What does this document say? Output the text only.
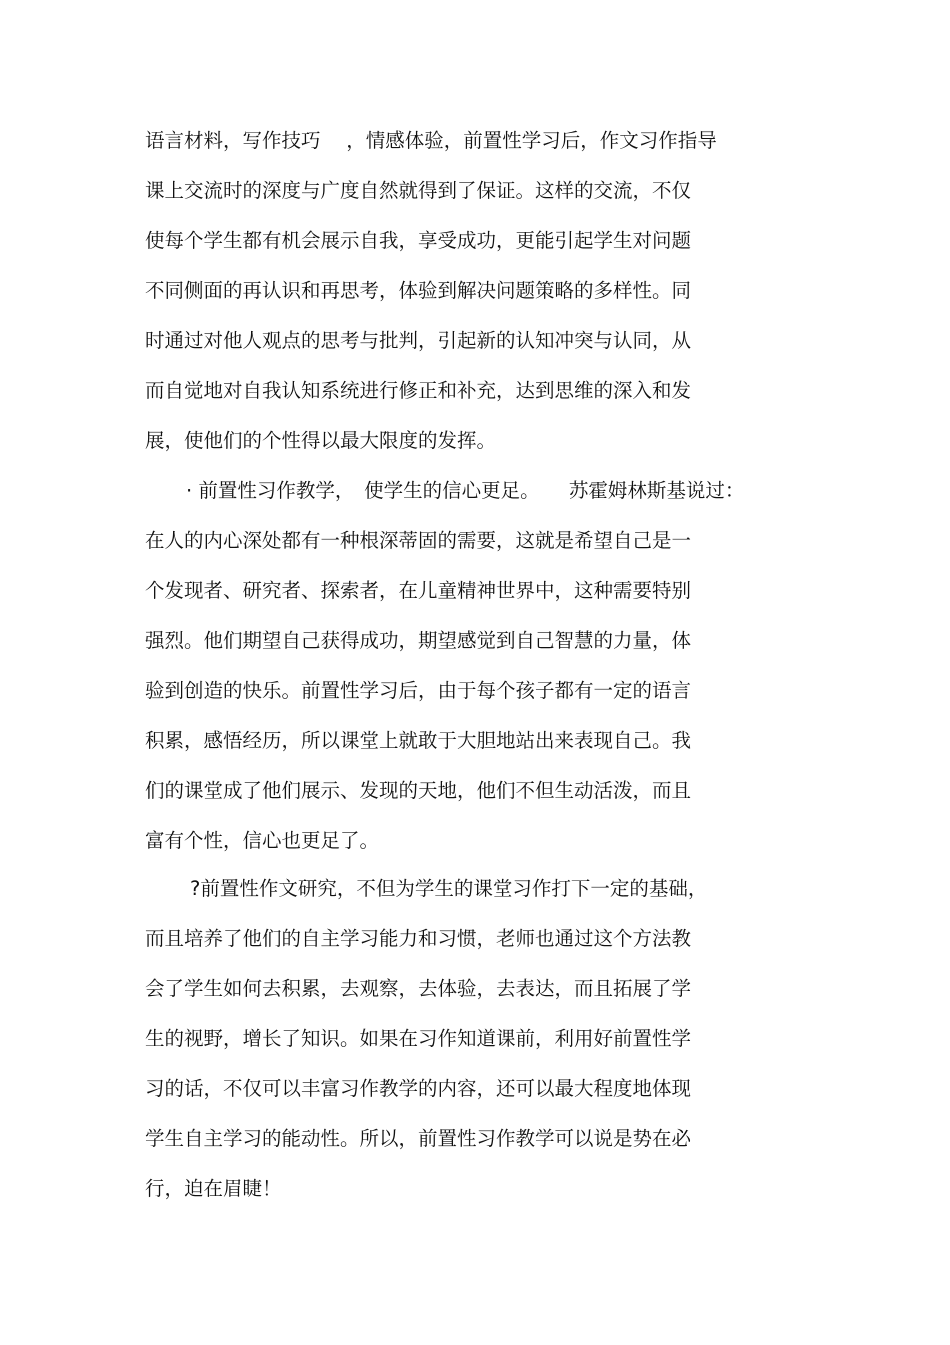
语言材料，写作技巧　 ，情感体验，前置性学习后，作文习作指导
课上交流时的深度与广度自然就得到了保证。这样的交流，不仅
使每个学生都有机会展示自我，享受成功，更能引起学生对问题
不同侧面的再认识和再思考，体验到解决问题策略的多样性。同
时通过对他人观点的思考与批判，引起新的认知冲突与认同，从
而自觉地对自我认知系统进行修正和补充，达到思维的深入和发
展，使他们的个性得以最大限度的发挥。
· 前置性习作教学，　使学生的信心更足。　　苏霍姆林斯基说过：
在人的内心深处都有一种根深蒂固的需要，这就是希望自己是一
个发现者、研究者、探索者，在儿童精神世界中，这种需要特别
强烈。他们期望自己获得成功，期望感觉到自己智慧的力量，体
验到创造的快乐。前置性学习后，由于每个孩子都有一定的语言
积累，感悟经历，所以课堂上就敢于大胆地站出来表现自己。我
们的课堂成了他们展示、发现的天地，他们不但生动活泼，而且
富有个性，信心也更足了。
?前置性作文研究，不但为学生的课堂习作打下一定的基础，
而且培养了他们的自主学习能力和习惯，老师也通过这个方法教
会了学生如何去积累，去观察，去体验，去表达，而且拓展了学
生的视野，增长了知识。如果在习作知道课前，利用好前置性学
习的话，不仅可以丰富习作教学的内容，还可以最大程度地体现
学生自主学习的能动性。所以，前置性习作教学可以说是势在必
行，迫在眉睫！
